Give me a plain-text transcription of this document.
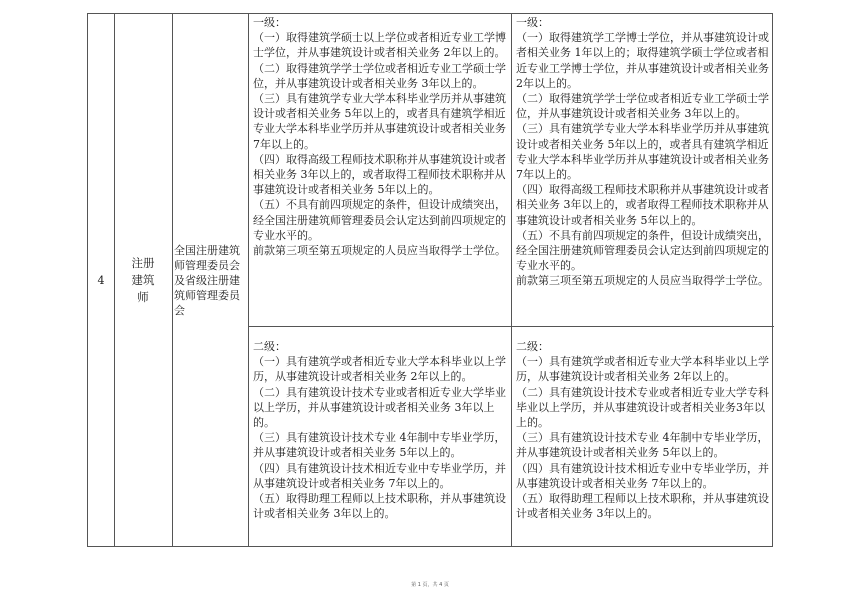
4
注册建筑师
全国注册建筑师管理委员会及省级注册建筑师管理委员会

一级：

（一）取得建筑学硕士以上学位或者相近专业工学博士学位，并从事建筑设计或者相关业务 2年以上的。

（二）取得建筑学学士学位或者相近专业工学硕士学位，并从事建筑设计或者相关业务 3年以上的。

（三）具有建筑学专业大学本科毕业学历并从事建筑设计或者相关业务 5年以上的，或者具有建筑学相近专业大学本科毕业学历并从事建筑设计或者相关业务7年以上的。

（四）取得高级工程师技术职称并从事建筑设计或者相关业务 3年以上的，或者取得工程师技术职称并从事建筑设计或者相关业务 5年以上的。

（五）不具有前四项规定的条件，但设计成绩突出，经全国注册建筑师管理委员会认定达到前四项规定的专业水平的。

前款第三项至第五项规定的人员应当取得学士学位。

一级：

（一）取得建筑学工学博士学位，并从事建筑设计或者相关业务 1年以上的；取得建筑学硕士学位或者相近专业工学博士学位，并从事建筑设计或者相关业务 2年以上的。

（二）取得建筑学学士学位或者相近专业工学硕士学位，并从事建筑设计或者相关业务 3年以上的。

（三）具有建筑学专业大学本科毕业学历并从事建筑设计或者相关业务 5年以上的，或者具有建筑学相近专业大学本科毕业学历并从事建筑设计或者相关业务7年以上的。

（四）取得高级工程师技术职称并从事建筑设计或者相关业务 3年以上的，或者取得工程师技术职称并从事建筑设计或者相关业务 5年以上的。

（五）不具有前四项规定的条件，但设计成绩突出，经全国注册建筑师管理委员会认定达到前四项规定的专业水平的。

前款第三项至第五项规定的人员应当取得学士学位。

二级：

（一）具有建筑学或者相近专业大学本科毕业以上学历，从事建筑设计或者相关业务 2年以上的。

（二）具有建筑设计技术专业或者相近专业大学毕业以上学历，并从事建筑设计或者相关业务 3年以上的。

（三）具有建筑设计技术专业 4年制中专毕业学历，并从事建筑设计或者相关业务 5年以上的。

（四）具有建筑设计技术相近专业中专毕业学历，并从事建筑设计或者相关业务 7年以上的。

（五）取得助理工程师以上技术职称，并从事建筑设计或者相关业务 3年以上的。

二级：

（一）具有建筑学或者相近专业大学本科毕业以上学历，从事建筑设计或者相关业务 2年以上的。

（二）具有建筑设计技术专业或者相近专业大学专科毕业以上学历，并从事建筑设计或者相关业务3年以上的。

（三）具有建筑设计技术专业 4年制中专毕业学历，并从事建筑设计或者相关业务 5年以上的。

（四）具有建筑设计技术相近专业中专毕业学历，并从事建筑设计或者相关业务 7年以上的。

（五）取得助理工程师以上技术职称，并从事建筑设计或者相关业务 3年以上的。

第 1 页，共 4 页
